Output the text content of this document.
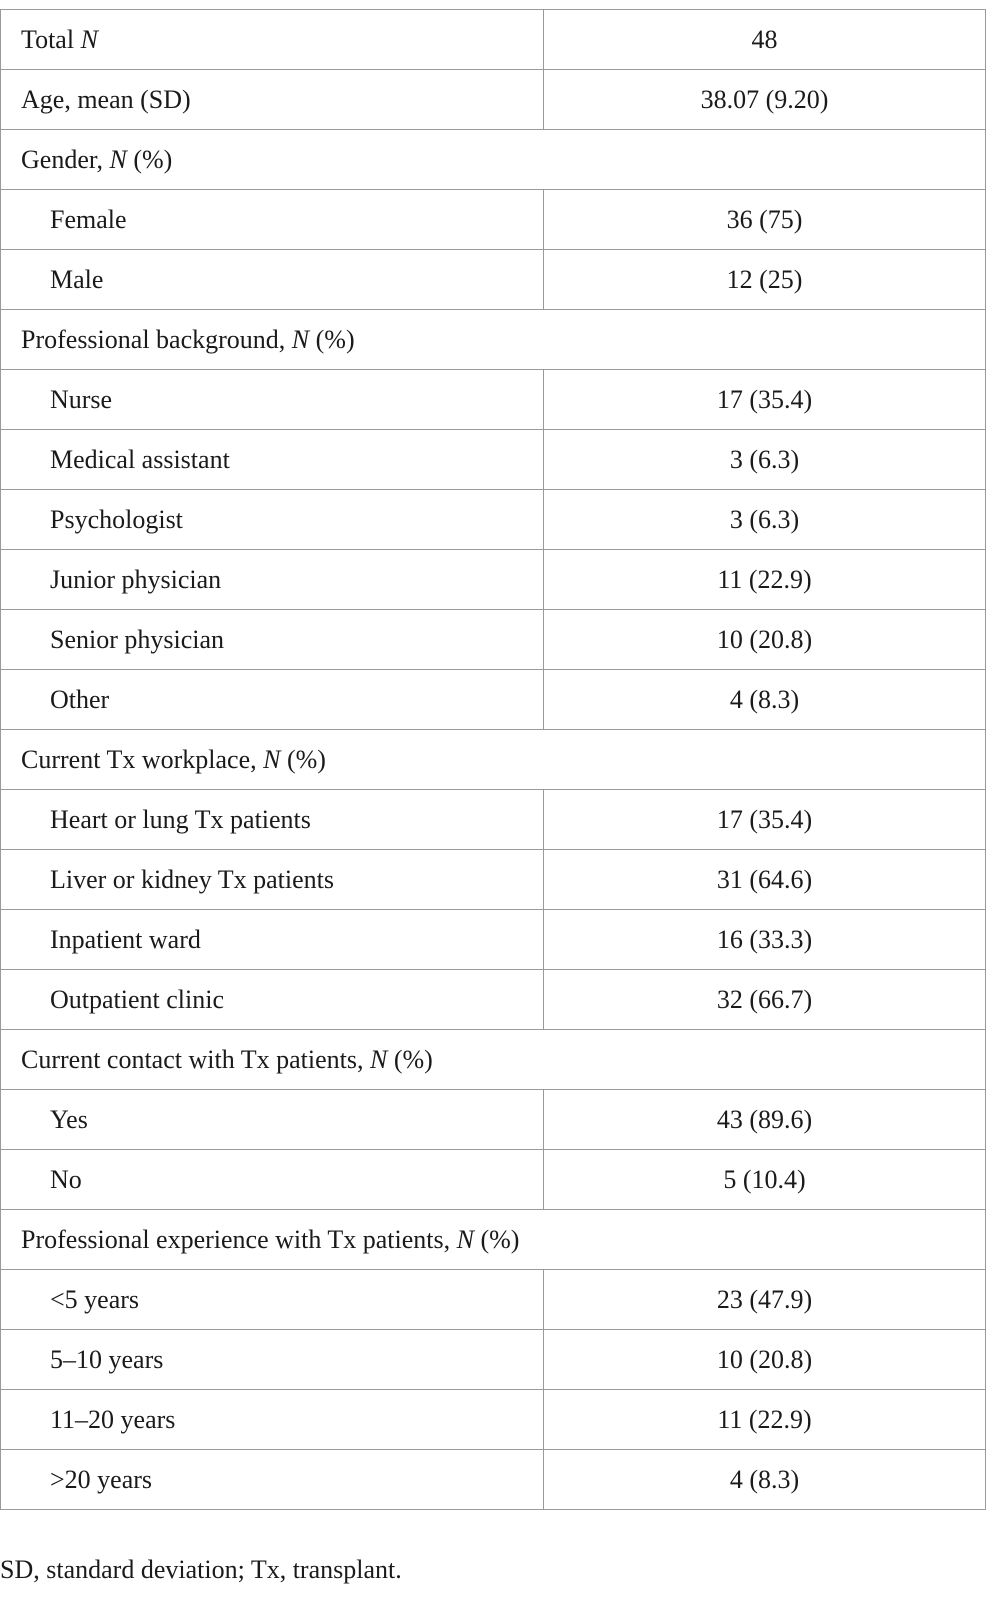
Total N	48
Age, mean (SD)	38.07 (9.20)
Gender, N (%)	
Female	36 (75)
Male	12 (25)
Professional background, N (%)	
Nurse	17 (35.4)
Medical assistant	3 (6.3)
Psychologist	3 (6.3)
Junior physician	11 (22.9)
Senior physician	10 (20.8)
Other	4 (8.3)
Current Tx workplace, N (%)	
Heart or lung Tx patients	17 (35.4)
Liver or kidney Tx patients	31 (64.6)
Inpatient ward	16 (33.3)
Outpatient clinic	32 (66.7)
Current contact with Tx patients, N (%)	
Yes	43 (89.6)
No	5 (10.4)
Professional experience with Tx patients, N (%)	
<5 years	23 (47.9)
5–10 years	10 (20.8)
11–20 years	11 (22.9)
>20 years	4 (8.3)
SD, standard deviation; Tx, transplant.
